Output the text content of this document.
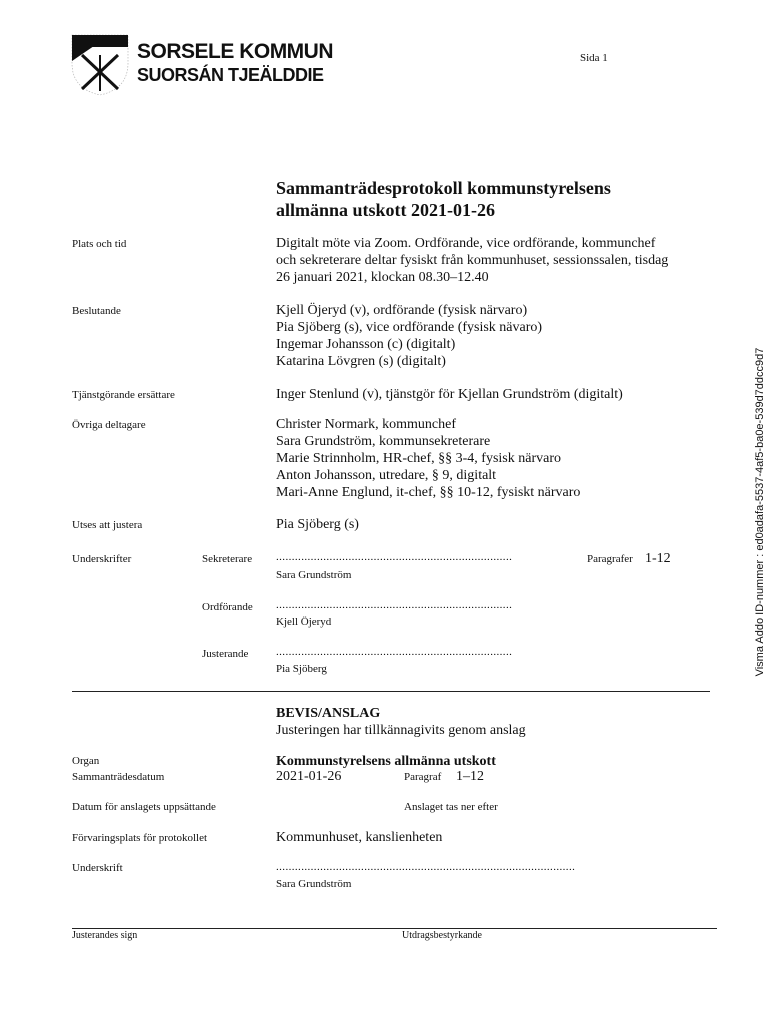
SORSELE KOMMUN
SUORSÁN TJEÄLDDIE
Sida 1
Sammanträdesprotokoll kommunstyrelsens
allmänna utskott 2021-01-26
Plats och tid	Digitalt möte via Zoom. Ordförande, vice ordförande, kommunchef
och sekreterare deltar fysiskt från kommunhuset, sessionssalen, tisdag
26 januari 2021, klockan 08.30–12.40
Beslutande	Kjell Öjeryd (v), ordförande (fysisk närvaro)
Pia Sjöberg (s), vice ordförande (fysisk nävaro)
Ingemar Johansson (c) (digitalt)
Katarina Lövgren (s) (digitalt)
Tjänstgörande ersättare	Inger Stenlund (v), tjänstgör för Kjellan Grundström (digitalt)
Övriga deltagare	Christer Normark, kommunchef
Sara Grundström, kommunsekreterare
Marie Strinnholm, HR-chef, §§ 3-4, fysisk närvaro
Anton Johansson, utredare, § 9, digitalt
Mari-Anne Englund, it-chef, §§ 10-12, fysiskt närvaro
Utses att justera	Pia Sjöberg (s)
Underskrifter	Sekreterare ...........................................................................	Paragrafer 1-12
Sara Grundström
Ordförande ...........................................................................
Kjell Öjeryd
Justerande	...........................................................................
Pia Sjöberg
BEVIS/ANSLAG
Justeringen har tillkännagivits genom anslag
Organ	Kommunstyrelsens allmänna utskott
Sammanträdesdatum	2021-01-26	Paragraf 1–12
Datum för anslagets uppsättande	Anslaget tas ner efter
Förvaringsplats för protokollet	Kommunhuset, kanslienheten
Underskrift	...............................................................................................
Sara Grundström
Justerandes sign	Utdragsbestyrkande
Visma Addo ID-nummer : ed0adafa-5537-4af5-ba0e-539d7ddcc9d7
